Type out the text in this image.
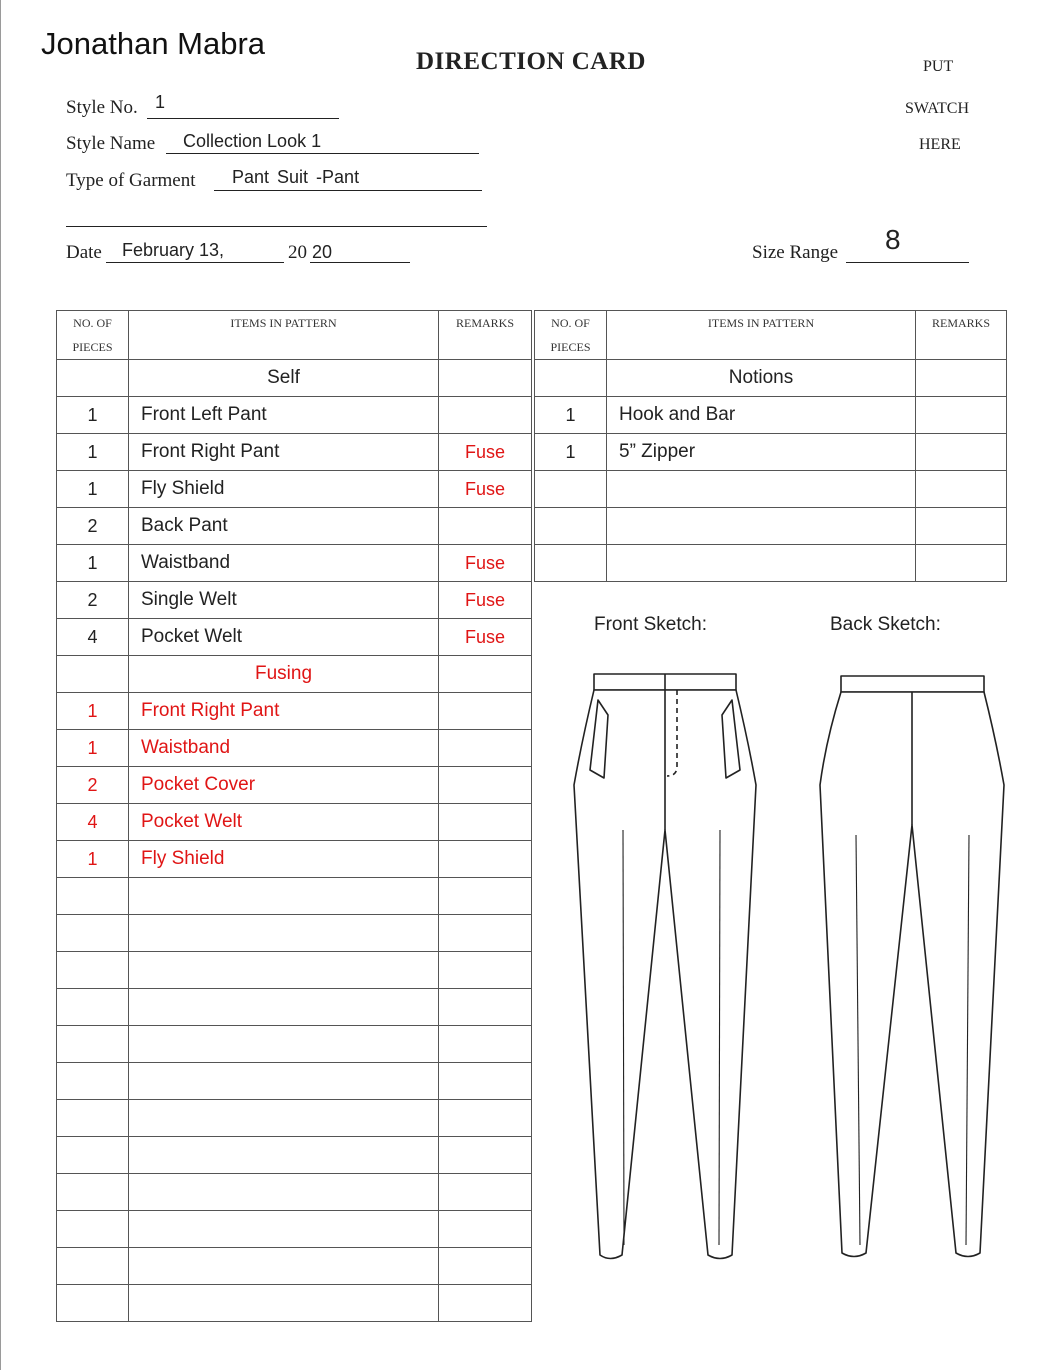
Jonathan Mabra
DIRECTION CARD	PUT
SWATCH
HERE
Style No. 1
Style Name Collection Look 1
Type of Garment Pant Suit -Pant
Date February 13,	20 20	Size Range 8
NO. OF PIECES	ITEMS IN PATTERN	REMARKS
	Self	
1	Front Left Pant	
1	Front Right Pant	Fuse
1	Fly Shield	Fuse
2	Back Pant	
1	Waistband	Fuse
2	Single Welt	Fuse
4	Pocket Welt	Fuse
	Fusing	
1	Front Right Pant	
1	Waistband	
2	Pocket Cover	
4	Pocket Welt	
1	Fly Shield	

NO. OF PIECES	ITEMS IN PATTERN	REMARKS
	Notions	
1	Hook and Bar	
1	5” Zipper	

Front Sketch:	Back Sketch:
